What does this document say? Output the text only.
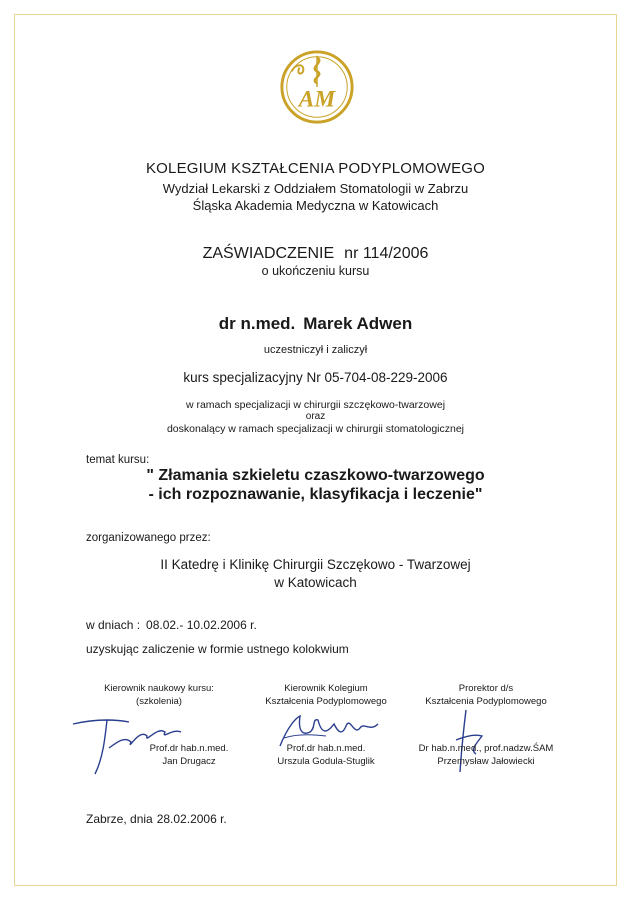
AM
KOLEGIUM KSZTAŁCENIA PODYPLOMOWEGO
Wydział Lekarski z Oddziałem Stomatologii w Zabrzu
Śląska Akademia Medyczna w Katowicach
ZAŚWIADCZENIE nr 114/2006
o ukończeniu kursu
dr n.med. Marek Adwen
uczestniczył i zaliczył
kurs specjalizacyjny Nr 05-704-08-229-2006
w ramach specjalizacji w chirurgii szczękowo-twarzowej
oraz
doskonalący w ramach specjalizacji w chirurgii stomatologicznej
temat kursu:
" Złamania szkieletu czaszkowo-twarzowego
- ich rozpoznawanie, klasyfikacja i leczenie"
zorganizowanego przez:
II Katedrę i Klinikę Chirurgii Szczękowo - Twarzowej
w Katowicach
w dniach : 08.02.- 10.02.2006 r.
uzyskując zaliczenie w formie ustnego kolokwium
Kierownik naukowy kursu:
(szkolenia)
Prof.dr hab.n.med.
Jan Drugacz
Kierownik Kolegium
Kształcenia Podyplomowego
Prof.dr hab.n.med.
Urszula Godula-Stuglik
Prorektor d/s
Kształcenia Podyplomowego
Dr hab.n.med., prof.nadzw.ŚAM
Przemysław Jałowiecki
Zabrze, dnia 28.02.2006 r.
